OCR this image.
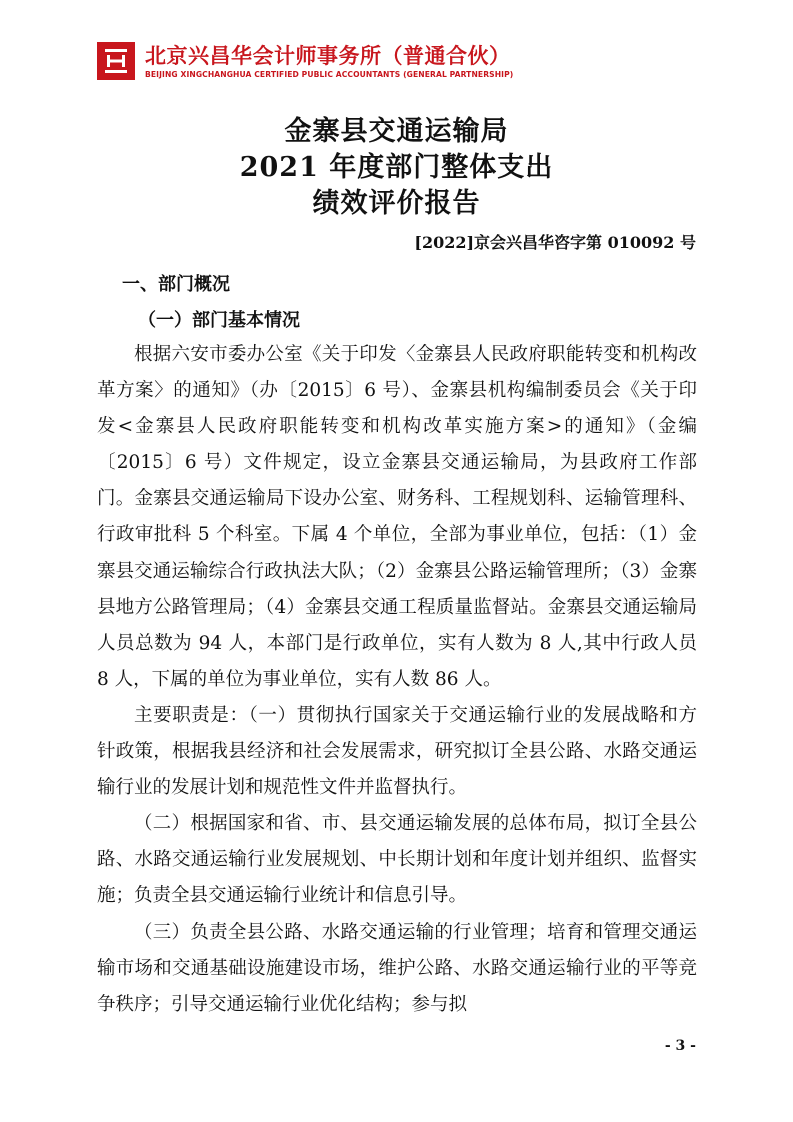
北京兴昌华会计师事务所（普通合伙）
BEIJING XINGCHANGHUA CERTIFIED PUBLIC ACCOUNTANTS (GENERAL PARTNERSHIP)
金寨县交通运输局
2021 年度部门整体支出
绩效评价报告
[2022]京会兴昌华咨字第 010092 号
一、部门概况
（一）部门基本情况

根据六安市委办公室《关于印发〈金寨县人民政府职能转变和机构改革方案〉的通知》（办〔2015〕6 号）、金寨县机构编制委员会《关于印发<金寨县人民政府职能转变和机构改革实施方案>的通知》（金编〔2015〕6 号）文件规定，设立金寨县交通运输局，为县政府工作部门。金寨县交通运输局下设办公室、财务科、工程规划科、运输管理科、行政审批科 5 个科室。下属 4 个单位，全部为事业单位，包括：（1）金寨县交通运输综合行政执法大队；（2）金寨县公路运输管理所；（3）金寨县地方公路管理局；（4）金寨县交通工程质量监督站。金寨县交通运输局人员总数为 94 人，本部门是行政单位，实有人数为 8 人,其中行政人员 8 人，下属的单位为事业单位，实有人数 86 人。

主要职责是：（一）贯彻执行国家关于交通运输行业的发展战略和方针政策，根据我县经济和社会发展需求，研究拟订全县公路、水路交通运输行业的发展计划和规范性文件并监督执行。

（二）根据国家和省、市、县交通运输发展的总体布局，拟订全县公路、水路交通运输行业发展规划、中长期计划和年度计划并组织、监督实施；负责全县交通运输行业统计和信息引导。

（三）负责全县公路、水路交通运输的行业管理；培育和管理交通运输市场和交通基础设施建设市场，维护公路、水路交通运输行业的平等竞争秩序；引导交通运输行业优化结构；参与拟

- 3 -
